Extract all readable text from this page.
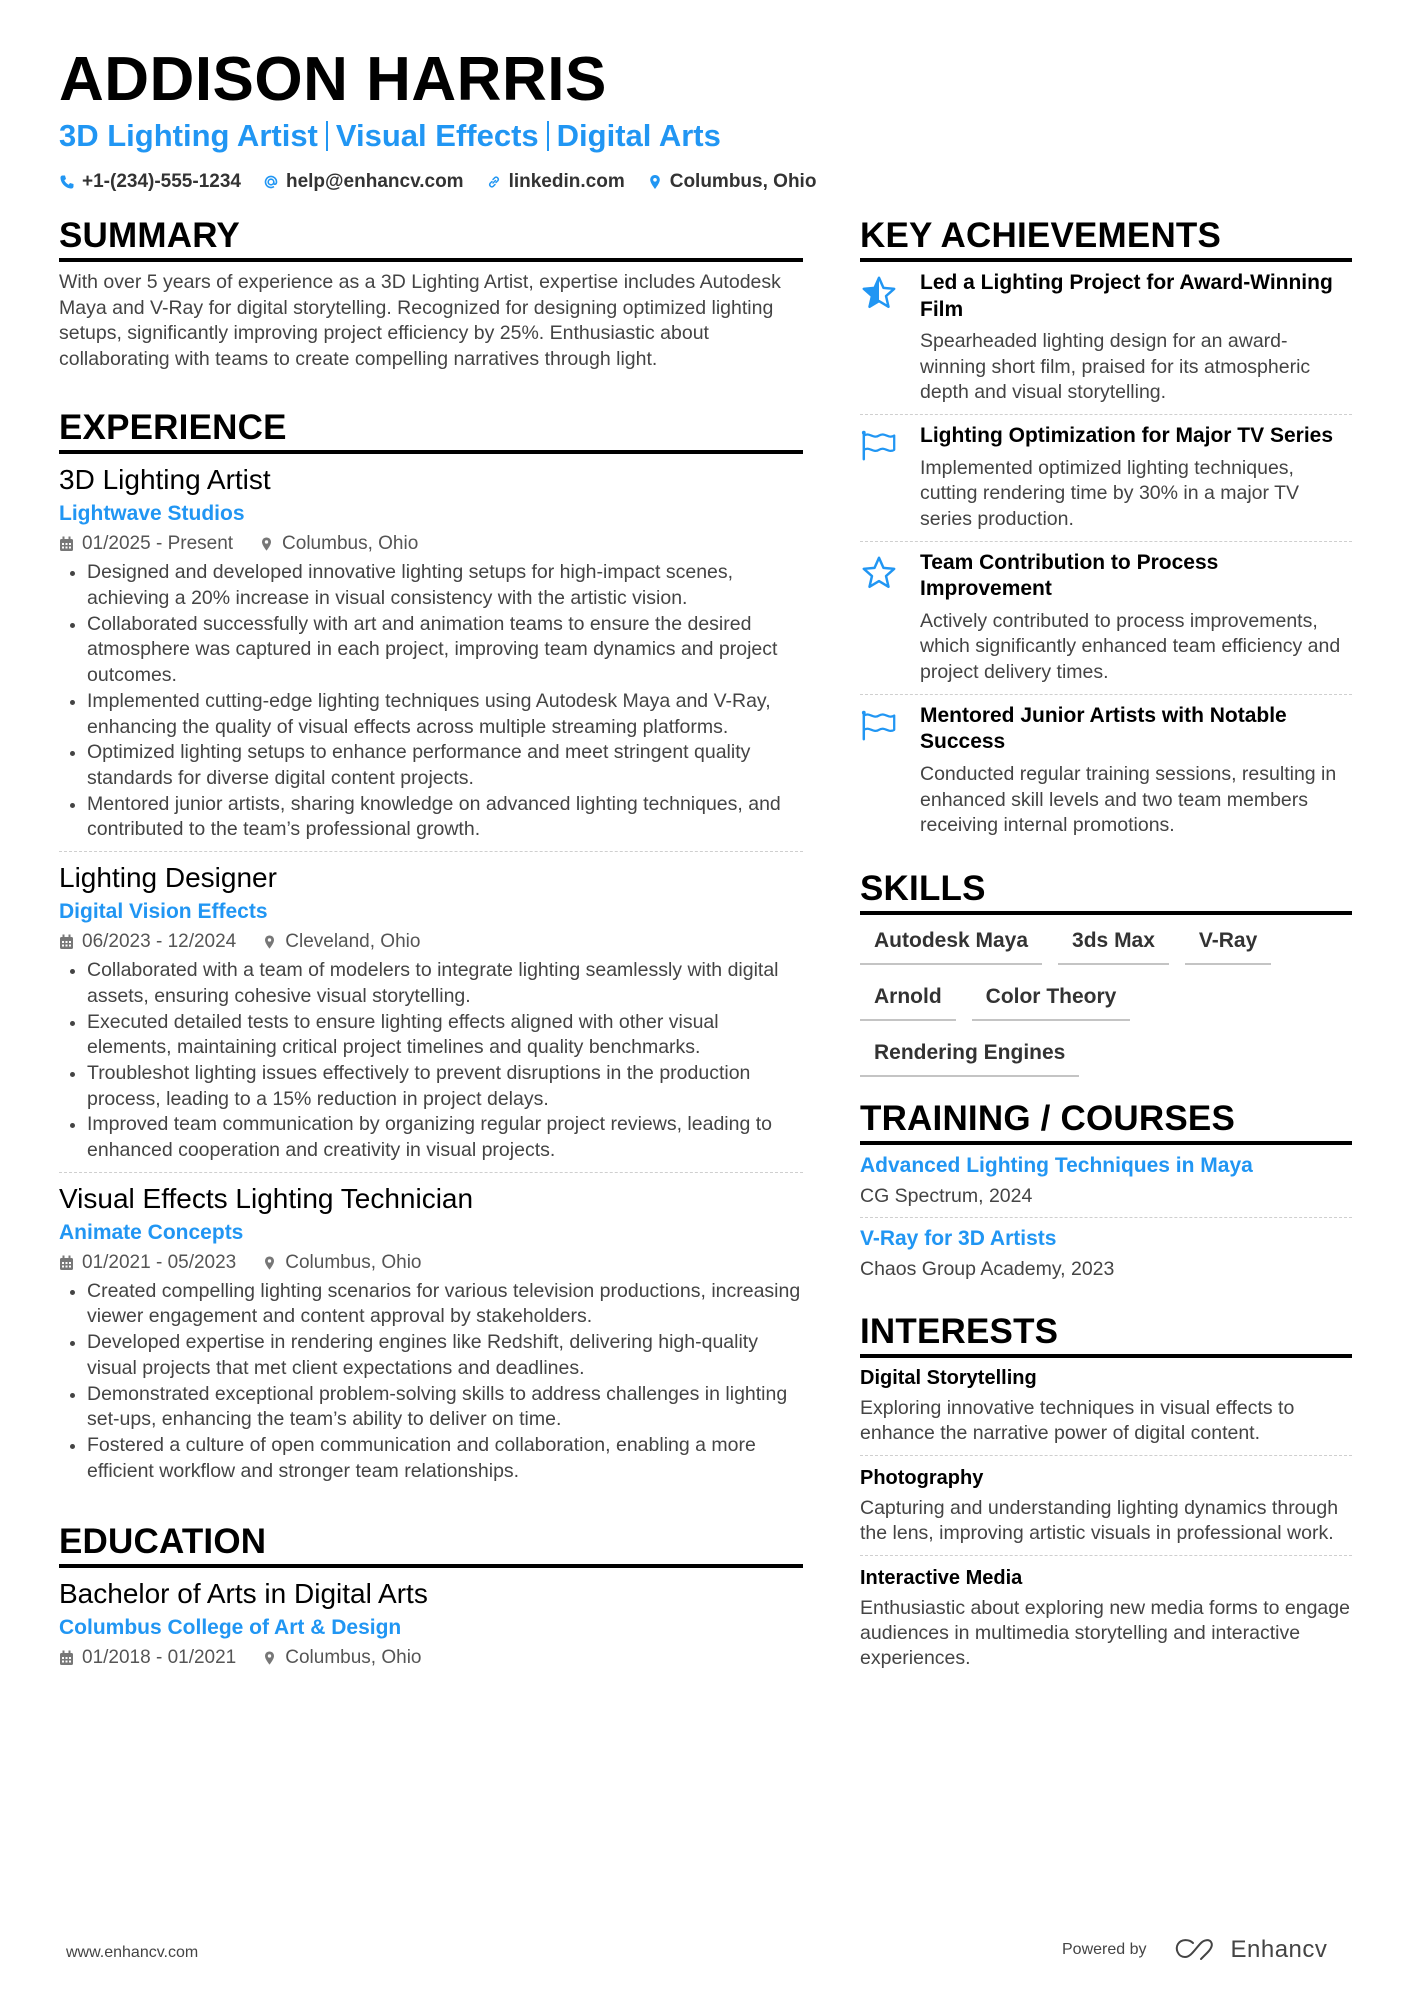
ADDISON HARRIS
3D Lighting Artist Visual Effects Digital Arts
+1-(234)-555-1234 help@enhancv.com linkedin.com Columbus, Ohio
SUMMARY

With over 5 years of experience as a 3D Lighting Artist, expertise includes Autodesk Maya and V-Ray for digital storytelling. Recognized for designing optimized lighting setups, significantly improving project efficiency by 25%. Enthusiastic about collaborating with teams to create compelling narratives through light.

EXPERIENCE
3D Lighting Artist
Lightwave Studios
01/2025 - Present	Columbus, Ohio
Designed and developed innovative lighting setups for high-impact scenes, achieving a 20% increase in visual consistency with the artistic vision.
Collaborated successfully with art and animation teams to ensure the desired atmosphere was captured in each project, improving team dynamics and project outcomes.
Implemented cutting-edge lighting techniques using Autodesk Maya and V-Ray, enhancing the quality of visual effects across multiple streaming platforms.
Optimized lighting setups to enhance performance and meet stringent quality standards for diverse digital content projects.
Mentored junior artists, sharing knowledge on advanced lighting techniques, and contributed to the team’s professional growth.
Lighting Designer
Digital Vision Effects
06/2023 - 12/2024	Cleveland, Ohio
Collaborated with a team of modelers to integrate lighting seamlessly with digital assets, ensuring cohesive visual storytelling.
Executed detailed tests to ensure lighting effects aligned with other visual elements, maintaining critical project timelines and quality benchmarks.
Troubleshot lighting issues effectively to prevent disruptions in the production process, leading to a 15% reduction in project delays.
Improved team communication by organizing regular project reviews, leading to enhanced cooperation and creativity in visual projects.
Visual Effects Lighting Technician
Animate Concepts
01/2021 - 05/2023	Columbus, Ohio
Created compelling lighting scenarios for various television productions, increasing viewer engagement and content approval by stakeholders.
Developed expertise in rendering engines like Redshift, delivering high-quality visual projects that met client expectations and deadlines.
Demonstrated exceptional problem-solving skills to address challenges in lighting set-ups, enhancing the team’s ability to deliver on time.
Fostered a culture of open communication and collaboration, enabling a more efficient workflow and stronger team relationships.
EDUCATION
Bachelor of Arts in Digital Arts
Columbus College of Art & Design
01/2018 - 01/2021	Columbus, Ohio
KEY ACHIEVEMENTS
Led a Lighting Project for Award-Winning Film
Spearheaded lighting design for an award-winning short film, praised for its atmospheric depth and visual storytelling.
Lighting Optimization for Major TV Series
Implemented optimized lighting techniques, cutting rendering time by 30% in a major TV series production.
Team Contribution to Process Improvement
Actively contributed to process improvements, which significantly enhanced team efficiency and project delivery times.
Mentored Junior Artists with Notable Success
Conducted regular training sessions, resulting in enhanced skill levels and two team members receiving internal promotions.
SKILLS
Autodesk Maya	3ds Max	V-Ray
Arnold	Color Theory
Rendering Engines
TRAINING / COURSES
Advanced Lighting Techniques in Maya
CG Spectrum, 2024
V-Ray for 3D Artists
Chaos Group Academy, 2023
INTERESTS
Digital Storytelling
Exploring innovative techniques in visual effects to enhance the narrative power of digital content.
Photography
Capturing and understanding lighting dynamics through the lens, improving artistic visuals in professional work.
Interactive Media
Enthusiastic about exploring new media forms to engage audiences in multimedia storytelling and interactive experiences.
www.enhancv.com	Powered by	Enhancv
